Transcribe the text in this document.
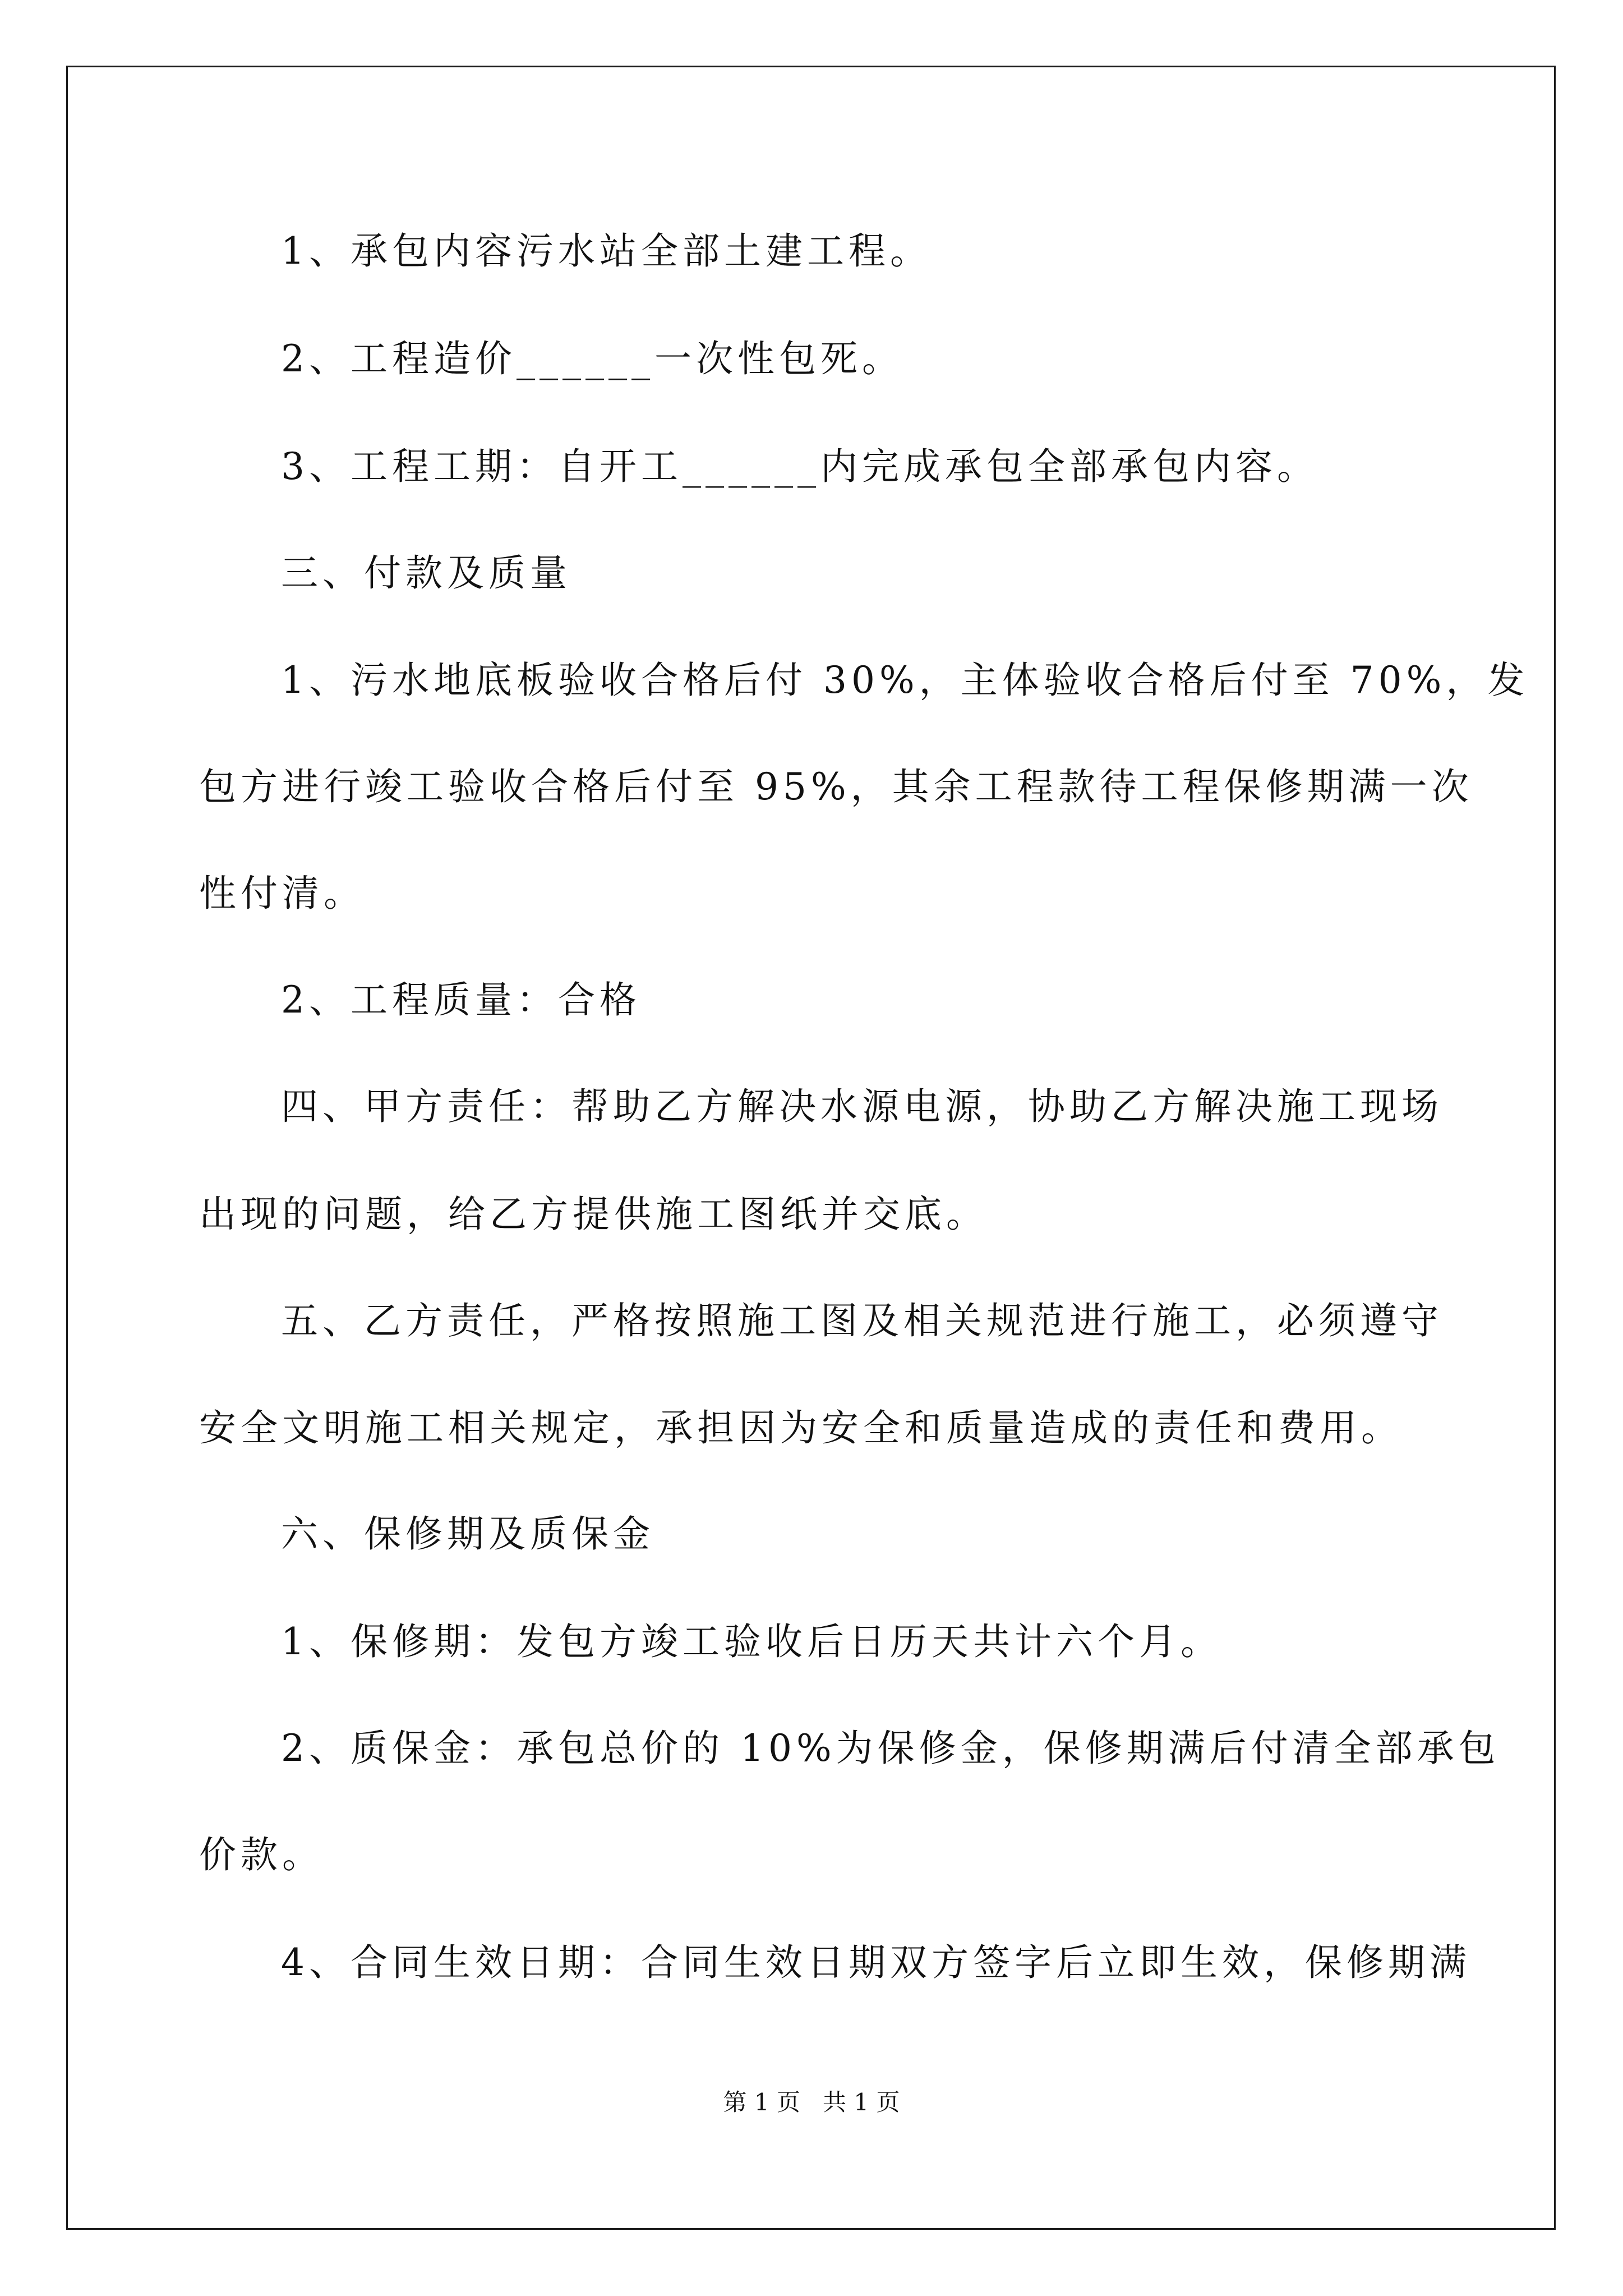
1、承包内容污水站全部土建工程。
2、工程造价______一次性包死。
3、工程工期：自开工______内完成承包全部承包内容。
三、付款及质量
1、污水地底板验收合格后付 30%，主体验收合格后付至 70%，发
包方进行竣工验收合格后付至 95%，其余工程款待工程保修期满一次
性付清。
2、工程质量：合格
四、甲方责任：帮助乙方解决水源电源，协助乙方解决施工现场
出现的问题，给乙方提供施工图纸并交底。
五、乙方责任，严格按照施工图及相关规范进行施工，必须遵守
安全文明施工相关规定，承担因为安全和质量造成的责任和费用。
六、保修期及质保金
1、保修期：发包方竣工验收后日历天共计六个月。
2、质保金：承包总价的 10%为保修金，保修期满后付清全部承包
价款。
4、合同生效日期：合同生效日期双方签字后立即生效，保修期满
第 1 页   共 1 页
